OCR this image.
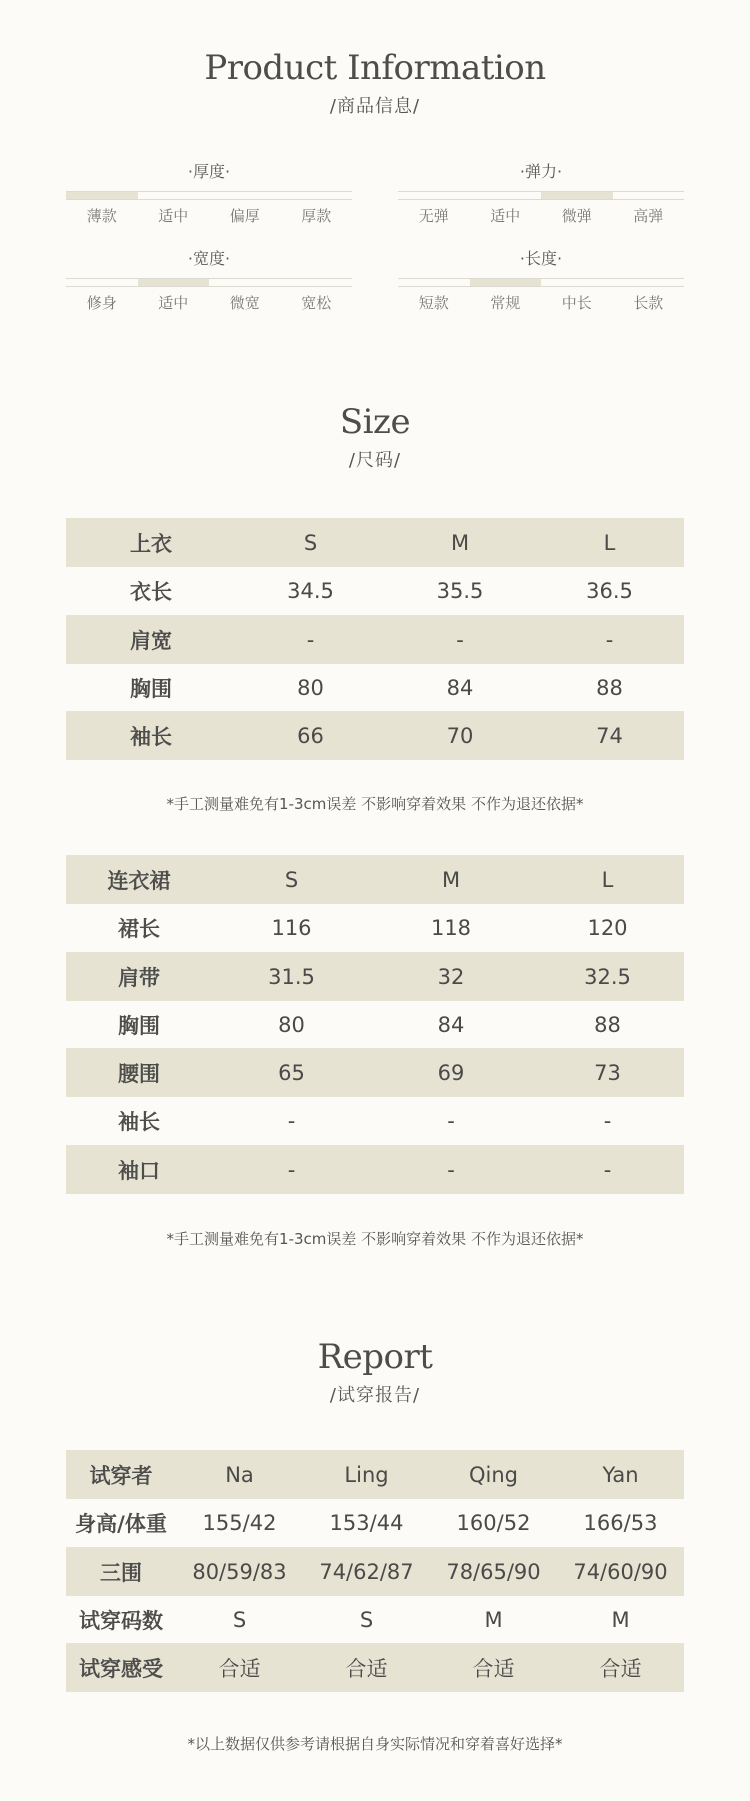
Product Information
/商品信息/
·厚度·
薄款	适中	偏厚	厚款
·弹力·
无弹	适中	微弹	高弹
·宽度·
修身	适中	微宽	宽松
·长度·
短款	常规	中长	长款
Size
/尺码/
上衣	S	M	L
衣长	34.5	35.5	36.5
肩宽	-	-	-
胸围	80	84	88
袖长	66	70	74
*手工测量难免有1-3cm误差 不影响穿着效果 不作为退还依据*
连衣裙	S	M	L
裙长	116	118	120
肩带	31.5	32	32.5
胸围	80	84	88
腰围	65	69	73
袖长	-	-	-
袖口	-	-	-
*手工测量难免有1-3cm误差 不影响穿着效果 不作为退还依据*
Report
/试穿报告/
试穿者	Na	Ling	Qing	Yan
身高/体重	155/42	153/44	160/52	166/53
三围	80/59/83	74/62/87	78/65/90	74/60/90
试穿码数	S	S	M	M
试穿感受	合适	合适	合适	合适
*以上数据仅供参考请根据自身实际情况和穿着喜好选择*
